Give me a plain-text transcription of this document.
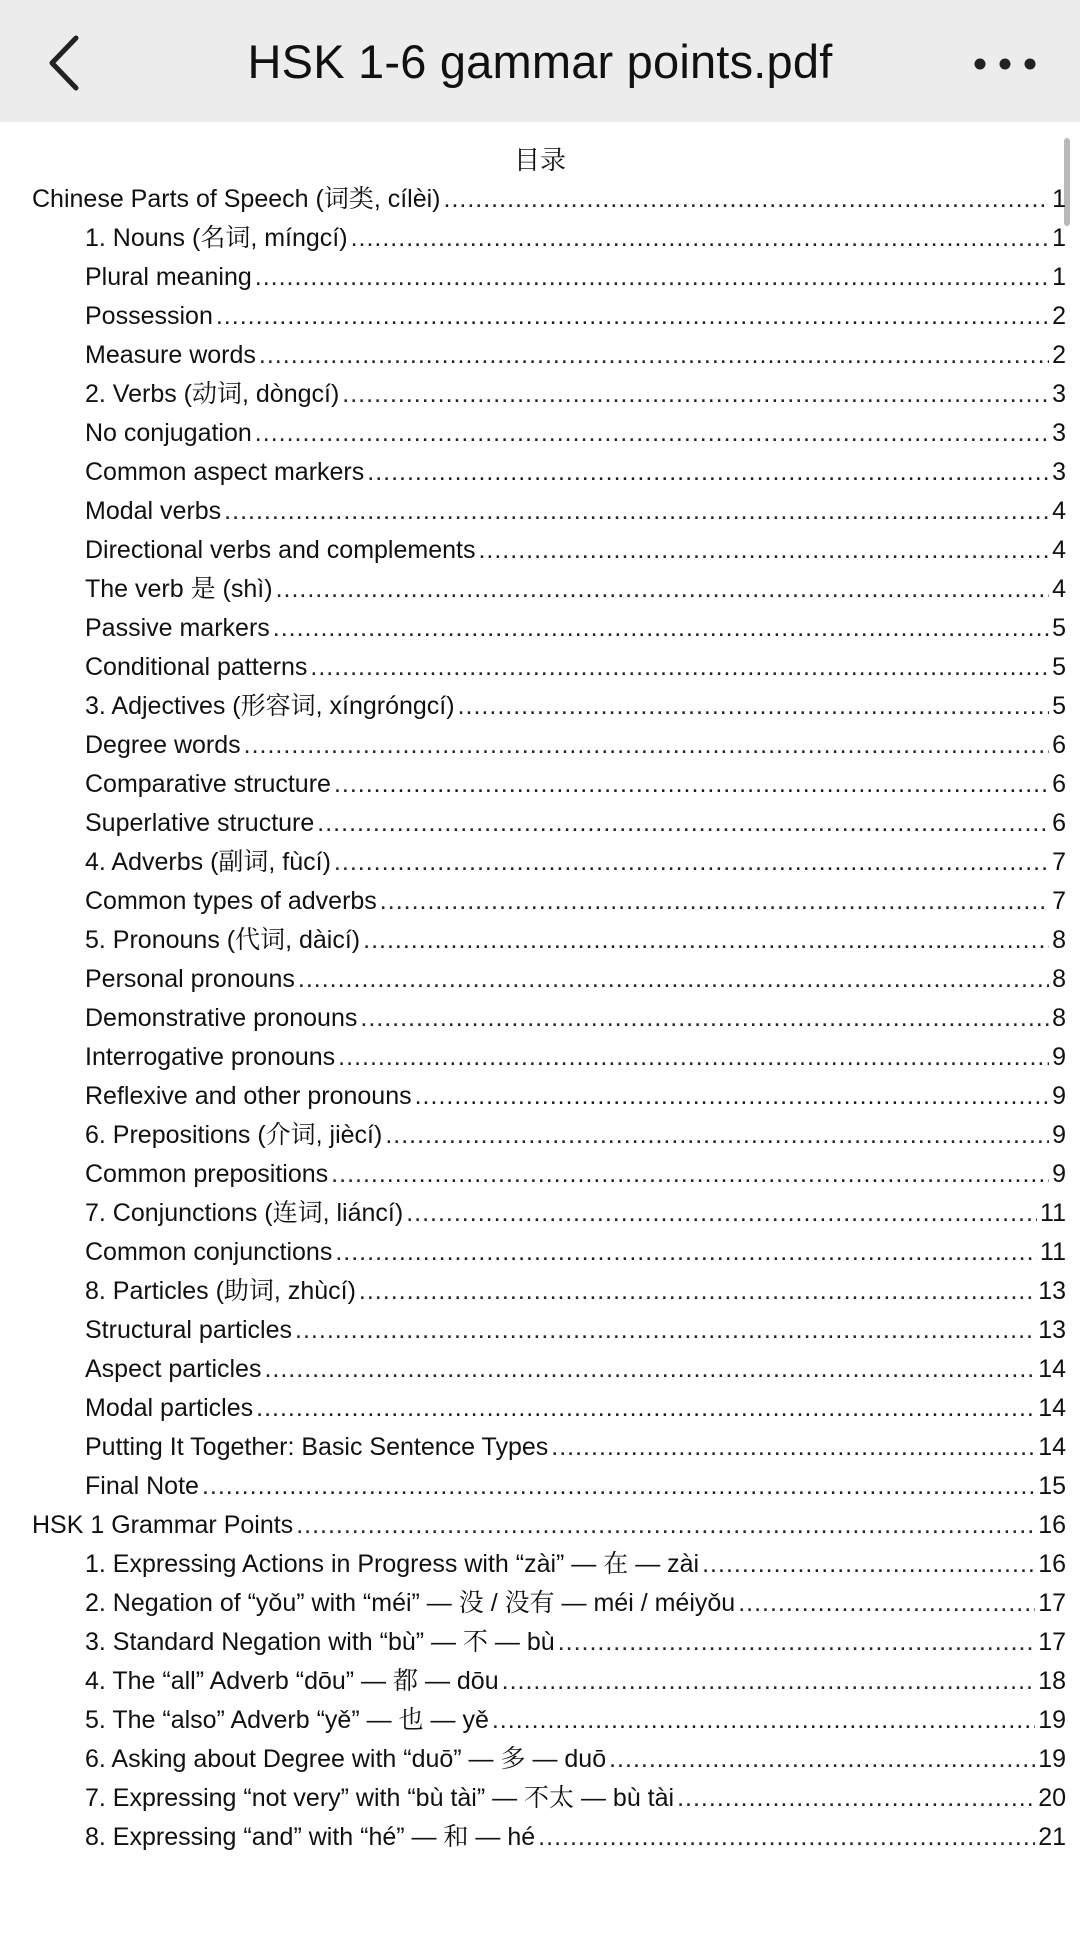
HSK 1-6 gammar points.pdf
目录
Chinese Parts of Speech (词类, cílèi) .....	1
1. Nouns (名词, míngcí) .....	1
Plural meaning .....	1
Possession .....	2
Measure words .....	2
2. Verbs (动词, dòngcí) .....	3
No conjugation .....	3
Common aspect markers .....	3
Modal verbs .....	4
Directional verbs and complements .....	4
The verb 是 (shì) .....	4
Passive markers .....	5
Conditional patterns .....	5
3. Adjectives (形容词, xíngróngcí) .....	5
Degree words .....	6
Comparative structure .....	6
Superlative structure .....	6
4. Adverbs (副词, fùcí) .....	7
Common types of adverbs .....	7
5. Pronouns (代词, dàicí) .....	8
Personal pronouns .....	8
Demonstrative pronouns .....	8
Interrogative pronouns .....	9
Reflexive and other pronouns .....	9
6. Prepositions (介词, jiècí) .....	9
Common prepositions .....	9
7. Conjunctions (连词, liáncí) .....	11
Common conjunctions .....	11
8. Particles (助词, zhùcí) .....	13
Structural particles .....	13
Aspect particles .....	14
Modal particles .....	14
Putting It Together: Basic Sentence Types .....	14
Final Note .....	15
HSK 1 Grammar Points .....	16
1. Expressing Actions in Progress with “zài” — 在 — zài .....	16
2. Negation of “yǒu” with “méi” — 没 / 没有 — méi / méiyǒu .....	17
3. Standard Negation with “bù” — 不 — bù .....	17
4. The “all” Adverb “dōu” — 都 — dōu .....	18
5. The “also” Adverb “yě” — 也 — yě .....	19
6. Asking about Degree with “duō” — 多 — duō .....	19
7. Expressing “not very” with “bù tài” — 不太 — bù tài .....	20
8. Expressing “and” with “hé” — 和 — hé .....	21
